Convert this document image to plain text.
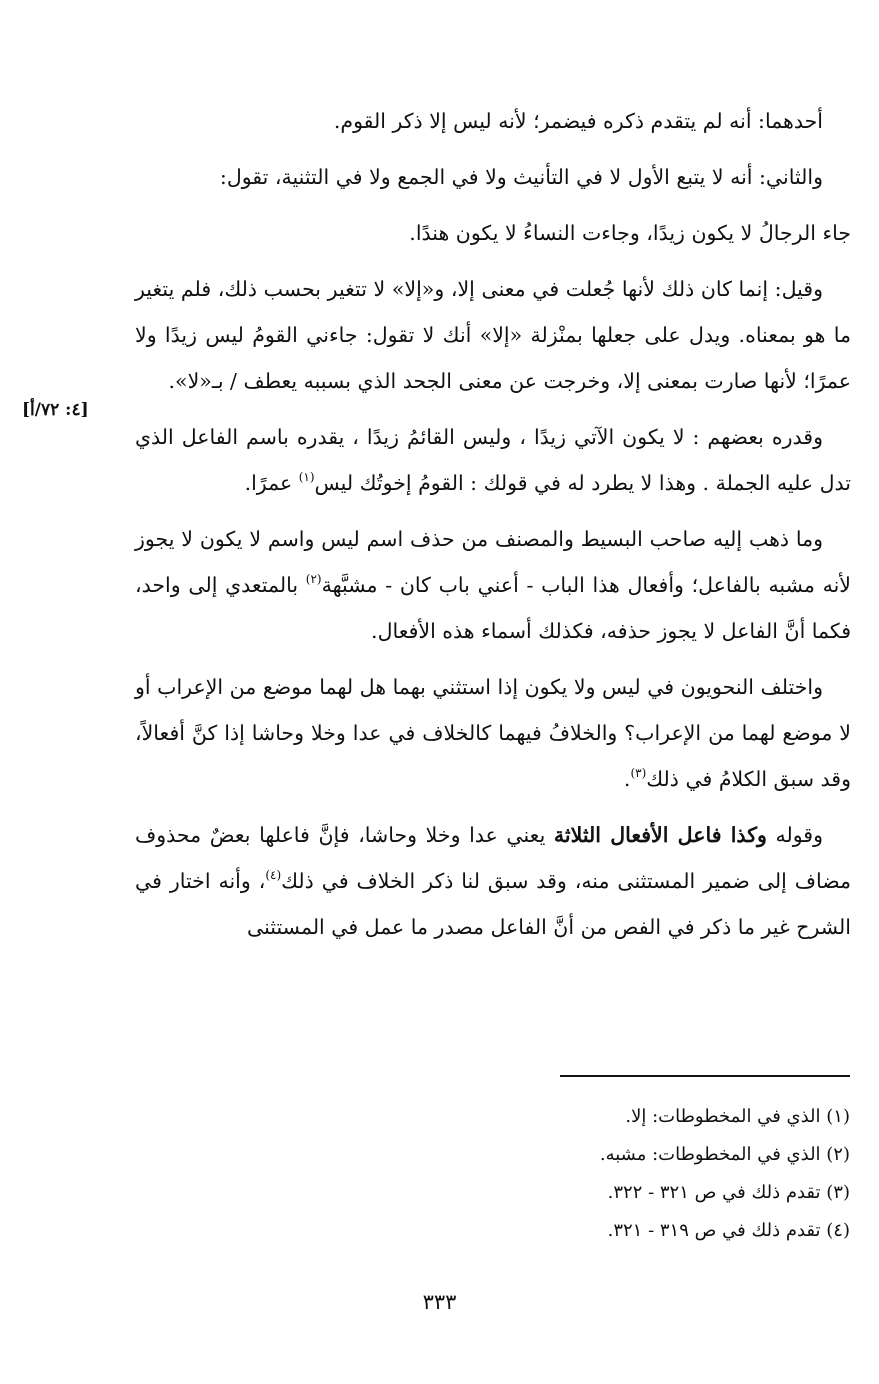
أحدهما: أنه لم يتقدم ذكره فيضمر؛ لأنه ليس إلا ذكر القوم.

والثاني: أنه لا يتبع الأول لا في التأنيث ولا في الجمع ولا في التثنية، تقول:

جاء الرجالُ لا يكون زيدًا، وجاءت النساءُ لا يكون هندًا.

وقيل: إنما كان ذلك لأنها جُعلت في معنى إلا، و«إلا» لا تتغير بحسب ذلك، فلم يتغير ما هو بمعناه. ويدل على جعلها بمنْزلة «إلا» أنك لا تقول: جاءني القومُ ليس زيدًا ولا عمرًا؛ لأنها صارت بمعنى إلا، وخرجت عن معنى الجحد الذي بسببه يعطف / بـ«لا».

وقدره بعضهم : لا يكون الآتي زيدًا ، وليس القائمُ زيدًا ، يقدره باسم الفاعل الذي تدل عليه الجملة . وهذا لا يطرد له في قولك : القومُ إخوتُك ليس$^{(١)}$ عمرًا.

وما ذهب إليه صاحب البسيط والمصنف من حذف اسم ليس واسم لا يكون لا يجوز لأنه مشبه بالفاعل؛ وأفعال هذا الباب - أعني باب كان - مشبَّهة$^{(٢)}$ بالمتعدي إلى واحد، فكما أنَّ الفاعل لا يجوز حذفه، فكذلك أسماء هذه الأفعال.

واختلف النحويون في ليس ولا يكون إذا استثني بهما هل لهما موضع من الإعراب أو لا موضع لهما من الإعراب؟ والخلافُ فيهما كالخلاف في عدا وخلا وحاشا إذا كنَّ أفعالاً، وقد سبق الكلامُ في ذلك$^{(٣)}$.

وقوله وكذا فاعل الأفعال الثلاثة يعني عدا وخلا وحاشا، فإنَّ فاعلها بعضٌ محذوف مضاف إلى ضمير المستثنى منه، وقد سبق لنا ذكر الخلاف في ذلك$^{(٤)}$، وأنه اختار في الشرح غير ما ذكر في الفص من أنَّ الفاعل مصدر ما عمل في المستثنى

[٤: ٧٢/أ]

(١) الذي في المخطوطات: إلا.

(٢) الذي في المخطوطات: مشبه.

(٣) تقدم ذلك في ص ٣٢١ - ٣٢٢.

(٤) تقدم ذلك في ص ٣١٩ - ٣٢١.

٣٣٣
